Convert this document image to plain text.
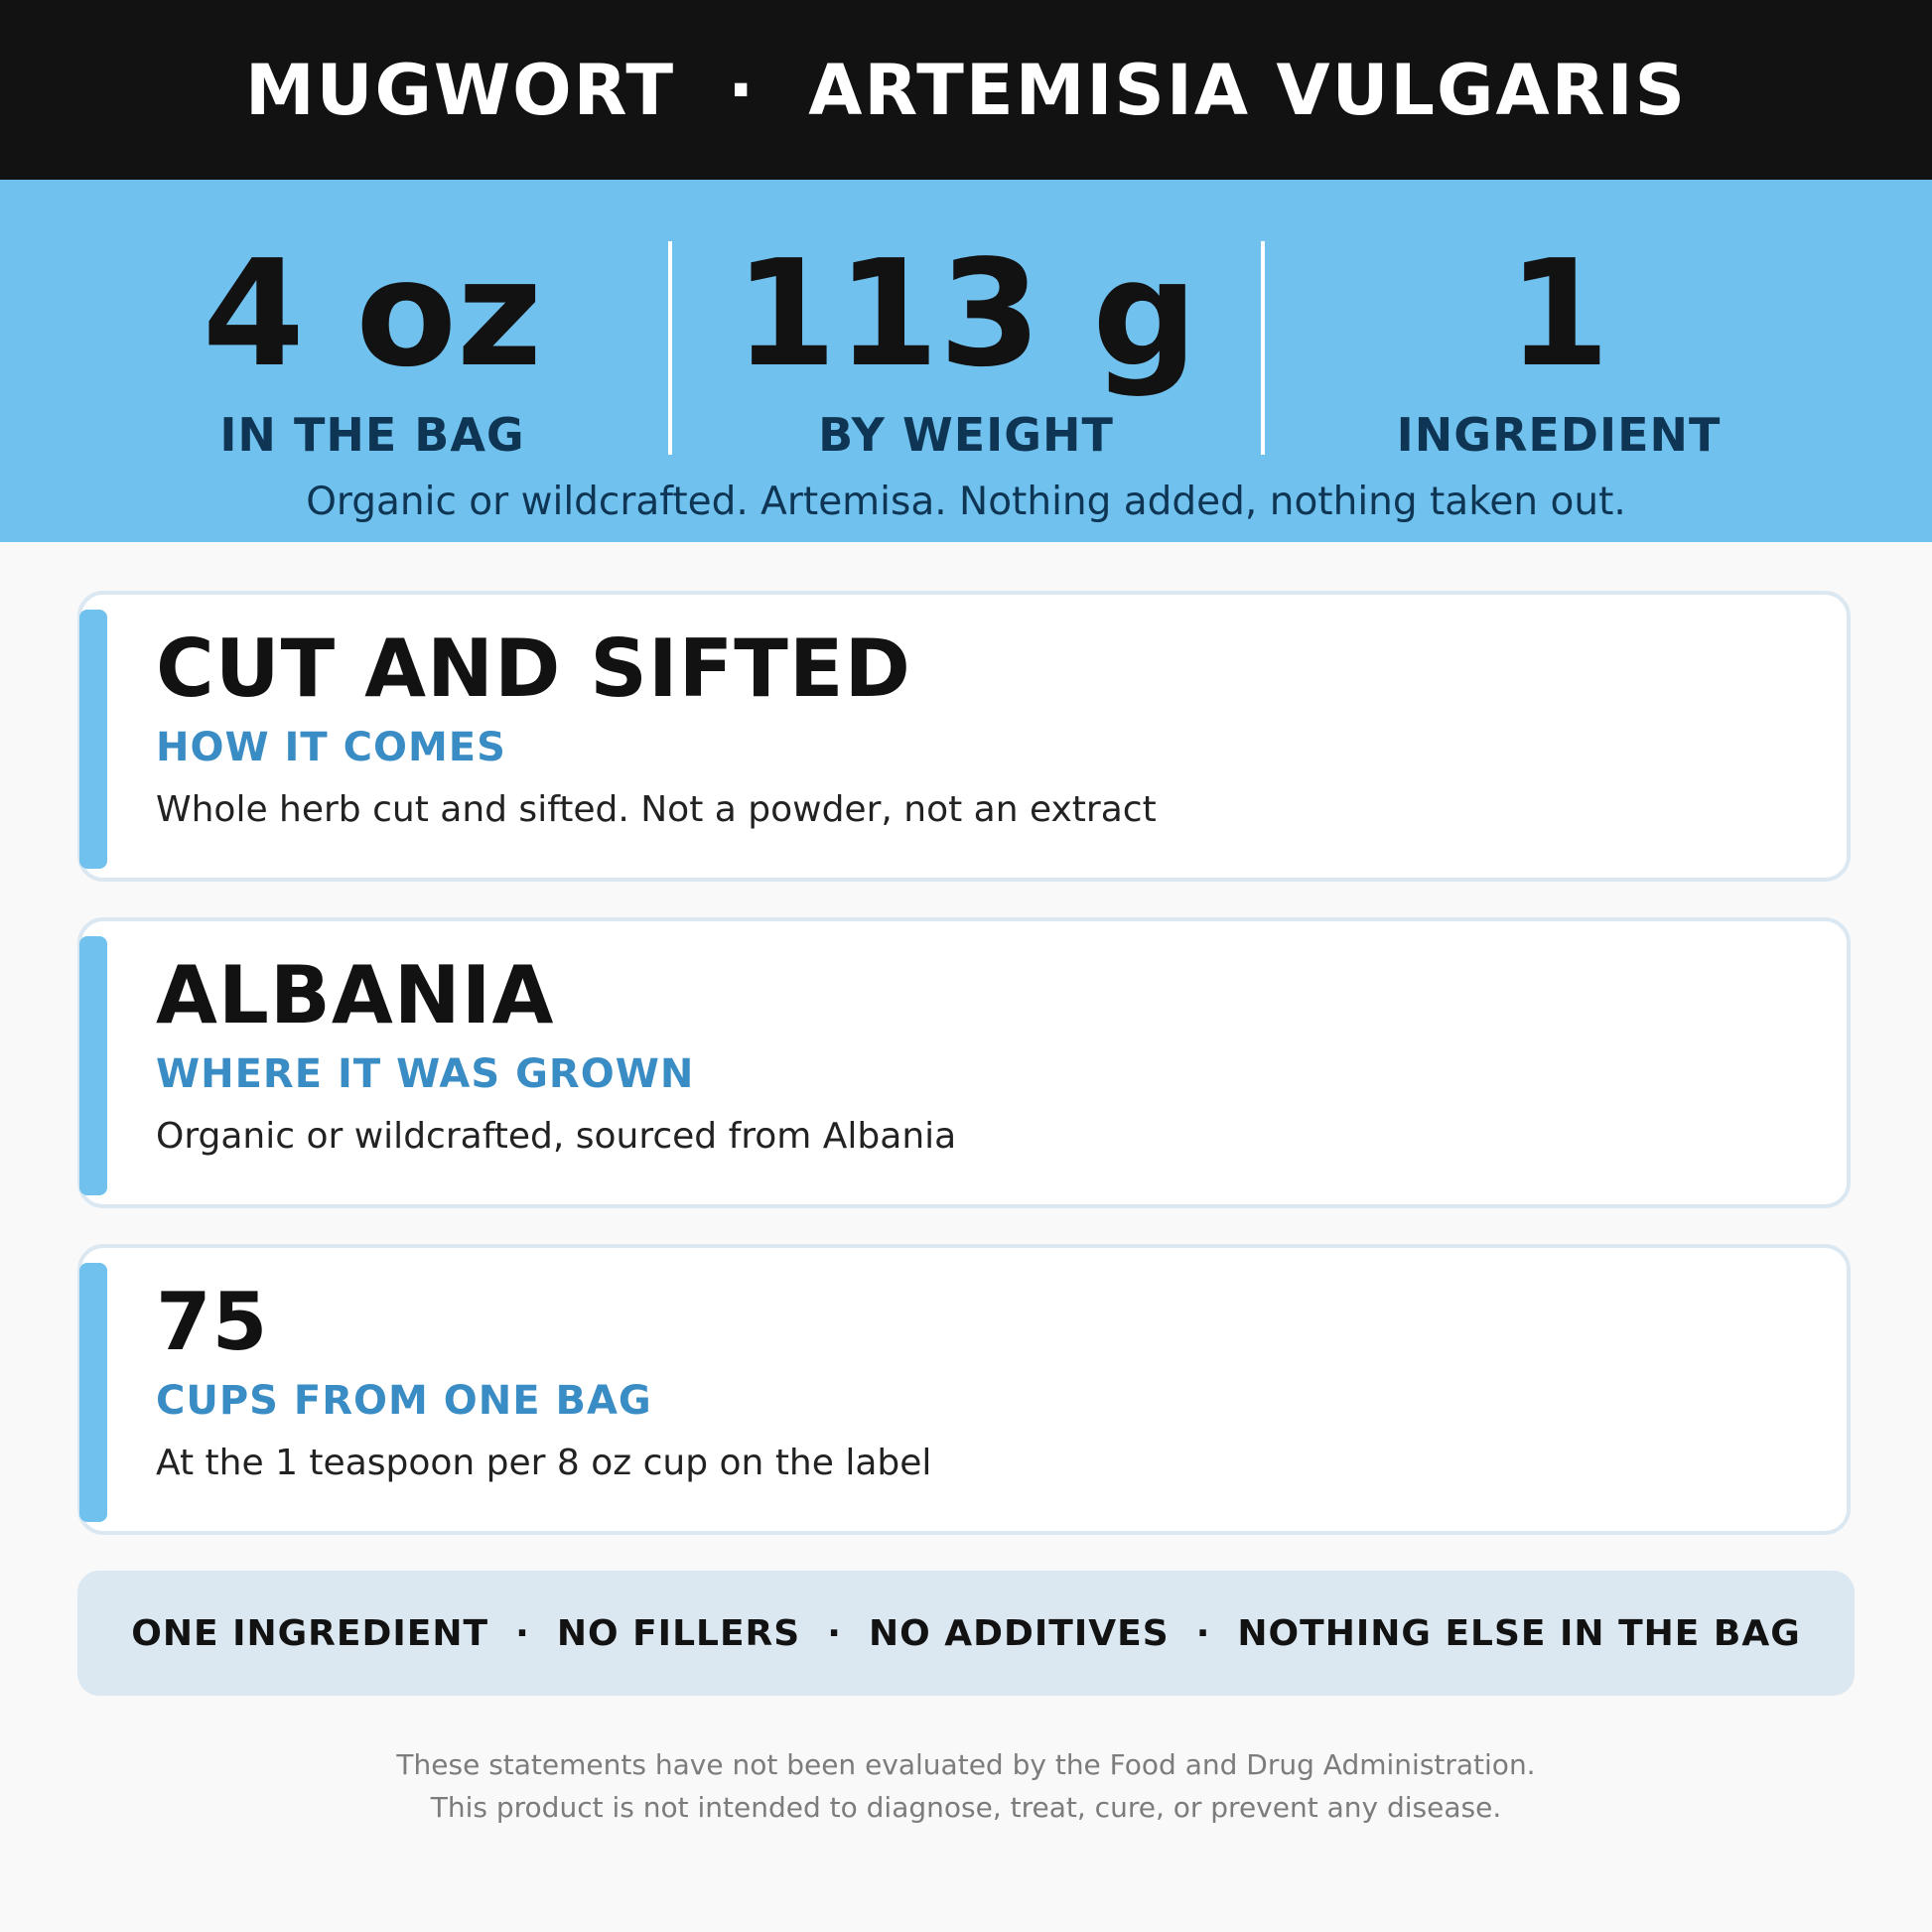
MUGWORT  ·  ARTEMISIA VULGARIS
4 oz
IN THE BAG
113 g
BY WEIGHT
1
INGREDIENT
Organic or wildcrafted. Artemisa. Nothing added, nothing taken out.
CUT AND SIFTED
HOW IT COMES
Whole herb cut and sifted. Not a powder, not an extract
ALBANIA
WHERE IT WAS GROWN
Organic or wildcrafted, sourced from Albania
75
CUPS FROM ONE BAG
At the 1 teaspoon per 8 oz cup on the label
ONE INGREDIENT  ·  NO FILLERS  ·  NO ADDITIVES  ·  NOTHING ELSE IN THE BAG
These statements have not been evaluated by the Food and Drug Administration.
This product is not intended to diagnose, treat, cure, or prevent any disease.
